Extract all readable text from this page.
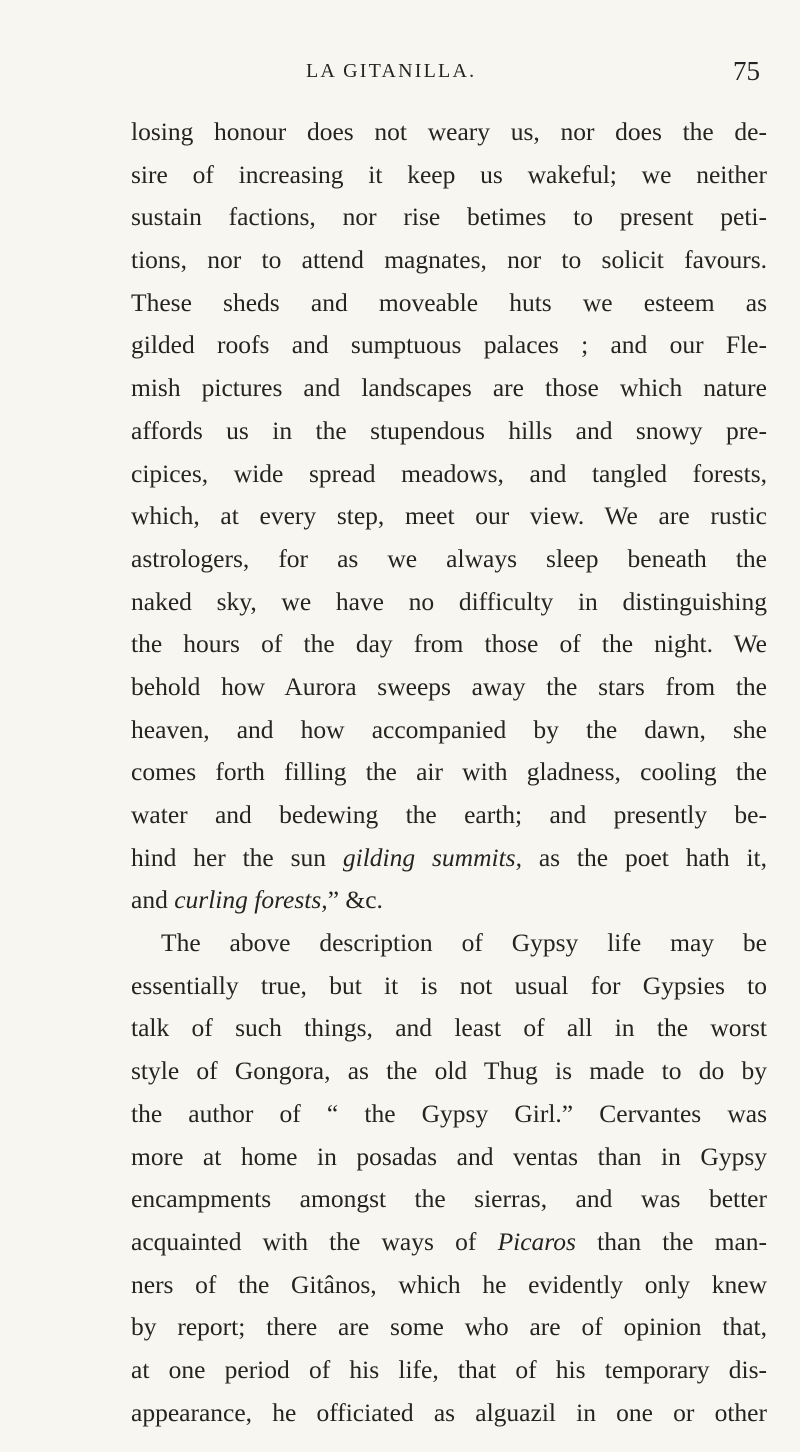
LA GITANILLA.	75
losing honour does not weary us, nor does the de-
sire of increasing it keep us wakeful; we neither
sustain factions, nor rise betimes to present peti-
tions, nor to attend magnates, nor to solicit favours.
These sheds and moveable huts we esteem as
gilded roofs and sumptuous palaces ; and our Fle-
mish pictures and landscapes are those which nature
affords us in the stupendous hills and snowy pre-
cipices, wide spread meadows, and tangled forests,
which, at every step, meet our view. We are rustic
astrologers, for as we always sleep beneath the
naked sky, we have no difficulty in distinguishing
the hours of the day from those of the night. We
behold how Aurora sweeps away the stars from the
heaven, and how accompanied by the dawn, she
comes forth filling the air with gladness, cooling the
water and bedewing the earth; and presently be-
hind her the sun gilding summits, as the poet hath it,
and curling forests,” &c.
The above description of Gypsy life may be
essentially true, but it is not usual for Gypsies to
talk of such things, and least of all in the worst
style of Gongora, as the old Thug is made to do by
the author of “ the Gypsy Girl.” Cervantes was
more at home in posadas and ventas than in Gypsy
encampments amongst the sierras, and was better
acquainted with the ways of Picaros than the man-
ners of the Gitânos, which he evidently only knew
by report; there are some who are of opinion that,
at one period of his life, that of his temporary dis-
appearance, he officiated as alguazil in one or other
